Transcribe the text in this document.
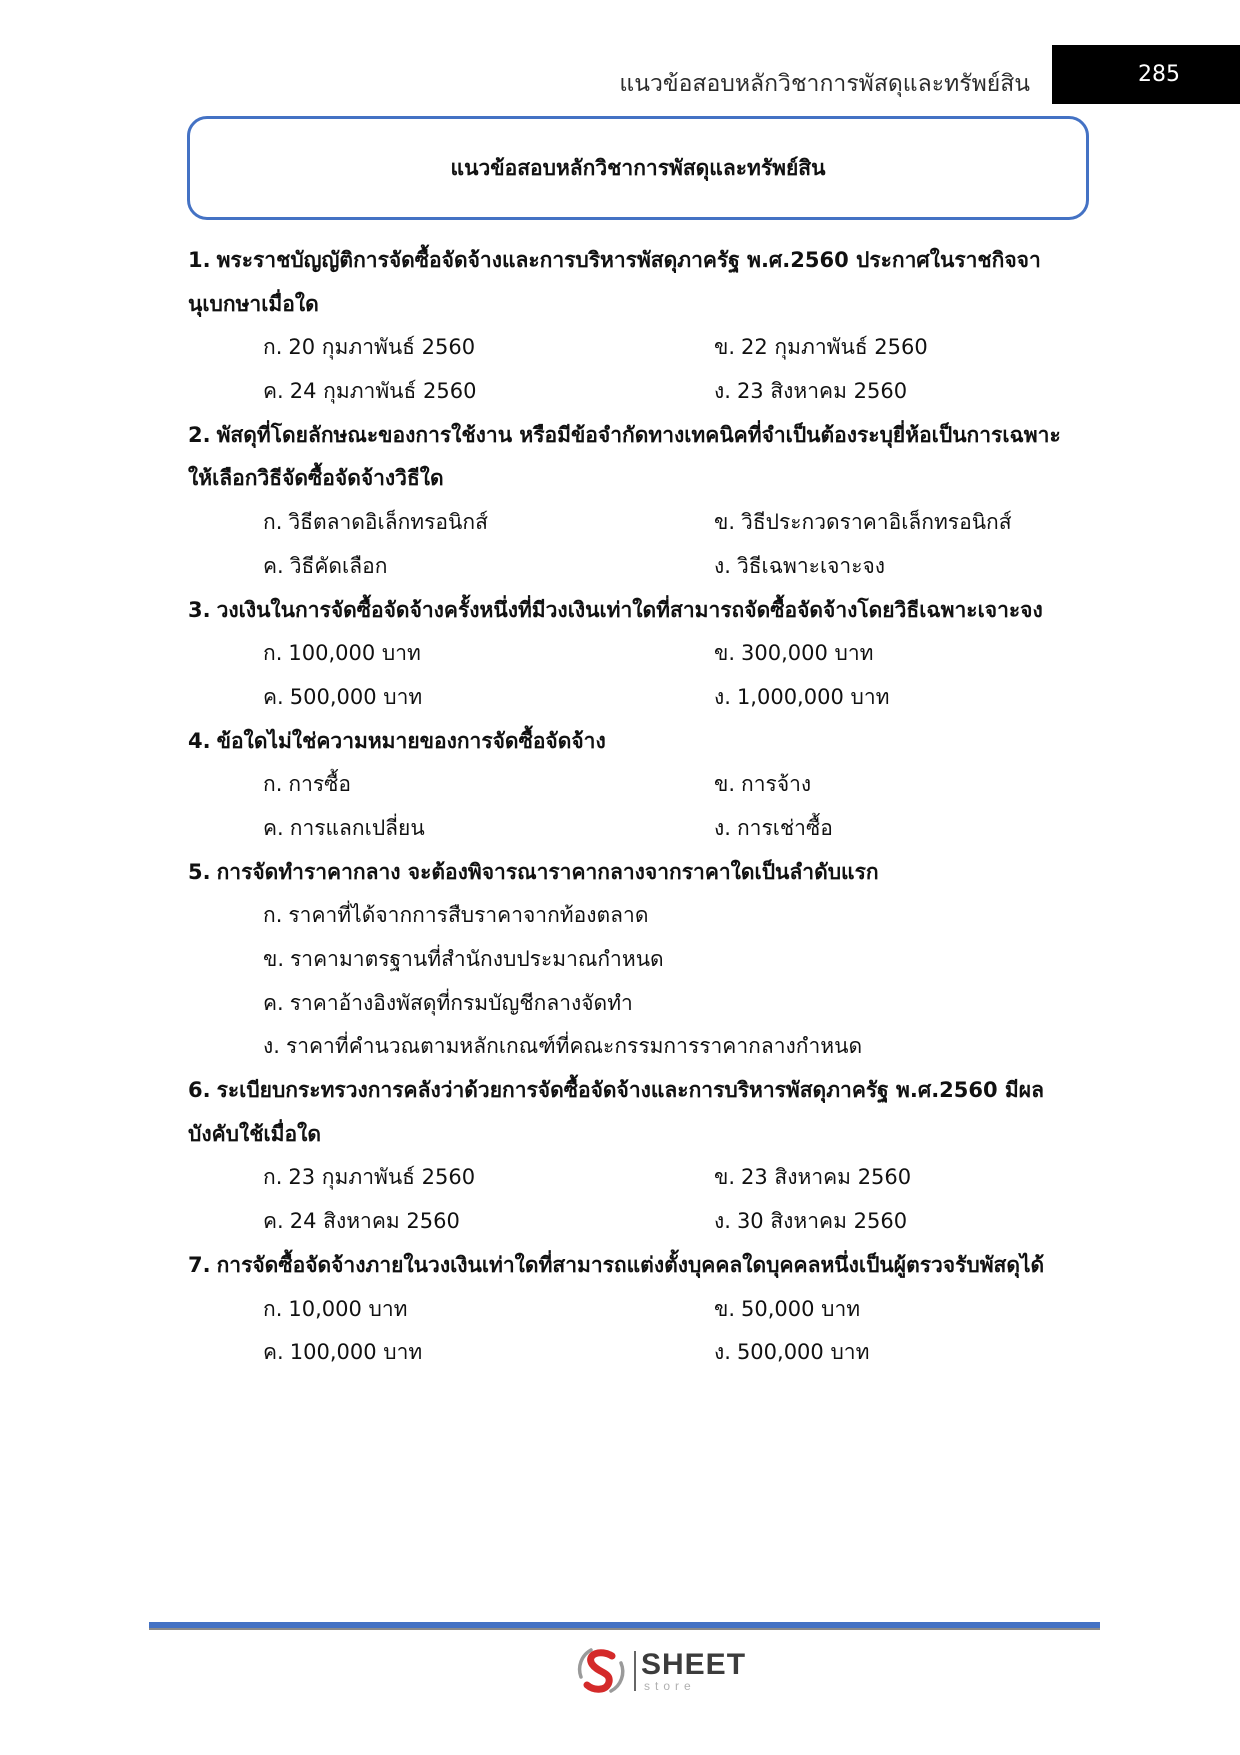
แนวข้อสอบหลักวิชาการพัสดุและทรัพย์สิน	285
แนวข้อสอบหลักวิชาการพัสดุและทรัพย์สิน
1. พระราชบัญญัติการจัดซื้อจัดจ้างและการบริหารพัสดุภาครัฐ พ.ศ.2560 ประกาศในราชกิจจา
นุเบกษาเมื่อใด
ก. 20 กุมภาพันธ์ 2560	ข. 22 กุมภาพันธ์ 2560
ค. 24 กุมภาพันธ์ 2560	ง. 23 สิงหาคม 2560
2. พัสดุที่โดยลักษณะของการใช้งาน หรือมีข้อจำกัดทางเทคนิคที่จำเป็นต้องระบุยี่ห้อเป็นการเฉพาะ
ให้เลือกวิธีจัดซื้อจัดจ้างวิธีใด
ก. วิธีตลาดอิเล็กทรอนิกส์	ข. วิธีประกวดราคาอิเล็กทรอนิกส์
ค. วิธีคัดเลือก	ง. วิธีเฉพาะเจาะจง
3. วงเงินในการจัดซื้อจัดจ้างครั้งหนึ่งที่มีวงเงินเท่าใดที่สามารถจัดซื้อจัดจ้างโดยวิธีเฉพาะเจาะจง
ก. 100,000 บาท	ข. 300,000 บาท
ค. 500,000 บาท	ง. 1,000,000 บาท
4. ข้อใดไม่ใช่ความหมายของการจัดซื้อจัดจ้าง
ก. การซื้อ	ข. การจ้าง
ค. การแลกเปลี่ยน	ง. การเช่าซื้อ
5. การจัดทำราคากลาง จะต้องพิจารณาราคากลางจากราคาใดเป็นลำดับแรก
ก. ราคาที่ได้จากการสืบราคาจากท้องตลาด
ข. ราคามาตรฐานที่สำนักงบประมาณกำหนด
ค. ราคาอ้างอิงพัสดุที่กรมบัญชีกลางจัดทำ
ง. ราคาที่คำนวณตามหลักเกณฑ์ที่คณะกรรมการราคากลางกำหนด
6. ระเบียบกระทรวงการคลังว่าด้วยการจัดซื้อจัดจ้างและการบริหารพัสดุภาครัฐ พ.ศ.2560 มีผล
บังคับใช้เมื่อใด
ก. 23 กุมภาพันธ์ 2560	ข. 23 สิงหาคม 2560
ค. 24 สิงหาคม 2560	ง. 30 สิงหาคม 2560
7. การจัดซื้อจัดจ้างภายในวงเงินเท่าใดที่สามารถแต่งตั้งบุคคลใดบุคคลหนึ่งเป็นผู้ตรวจรับพัสดุได้
ก. 10,000 บาท	ข. 50,000 บาท
ค. 100,000 บาท	ง. 500,000 บาท
SHEET
store
